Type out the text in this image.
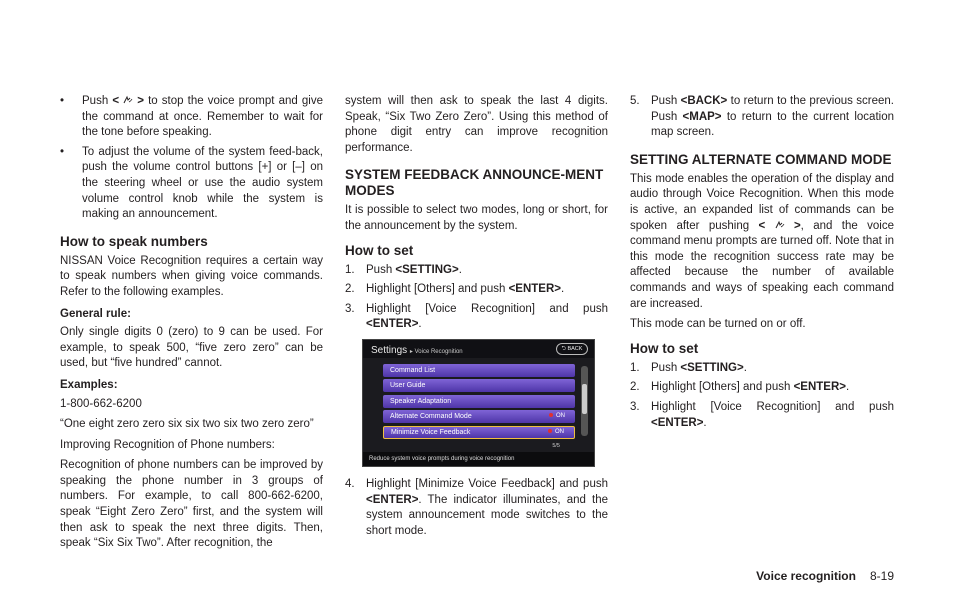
• Push < > to stop the voice prompt and give the command at once. Remember to wait for the tone before speaking.
• To adjust the volume of the system feed-back, push the volume control buttons [+] or [–] on the steering wheel or use the audio system volume control knob while the system is making an announcement.
How to speak numbers

NISSAN Voice Recognition requires a certain way to speak numbers when giving voice commands. Refer to the following examples.

General rule:

Only single digits 0 (zero) to 9 can be used. For example, to speak 500, “five zero zero” can be used, but “five hundred” cannot.

Examples:

1-800-662-6200

“One eight zero zero six six two six two zero zero”

Improving Recognition of Phone numbers:

Recognition of phone numbers can be improved by speaking the phone number in 3 groups of numbers. For example, to call 800-662-6200, speak “Eight Zero Zero” first, and the system will then ask to speak the next three digits. Then, speak “Six Six Two”. After recognition, the

system will then ask to speak the last 4 digits. Speak, “Six Two Zero Zero”. Using this method of phone digit entry can improve recognition performance.

SYSTEM FEEDBACK ANNOUNCE-MENT MODES

It is possible to select two modes, long or short, for the announcement by the system.

How to set
1. Push <SETTING>.
2. Highlight [Others] and push <ENTER>.
3. Highlight [Voice Recognition] and push <ENTER>.
Settings ▸ Voice Recognition	⮌ BACK
Command List
User Guide
Speaker Adaptation
Alternate Command Mode	ON
Minimize Voice Feedback	ON
5/5
Reduce system voice prompts during voice recognition
4. Highlight [Minimize Voice Feedback] and push <ENTER>. The indicator illuminates, and the system announcement mode switches to the short mode.
5. Push <BACK> to return to the previous screen. Push <MAP> to return to the current location map screen.
SETTING ALTERNATE COMMAND MODE

This mode enables the operation of the display and audio through Voice Recognition. When this mode is active, an expanded list of commands can be spoken after pushing <	>, and the voice command menu prompts are turned off. Note that in this mode the recognition success rate may be affected because the number of available commands and ways of speaking each command are increased.

This mode can be turned on or off.

How to set
1. Push <SETTING>.
2. Highlight [Others] and push <ENTER>.
3. Highlight [Voice Recognition] and push <ENTER>.
Voice recognition 8-19
